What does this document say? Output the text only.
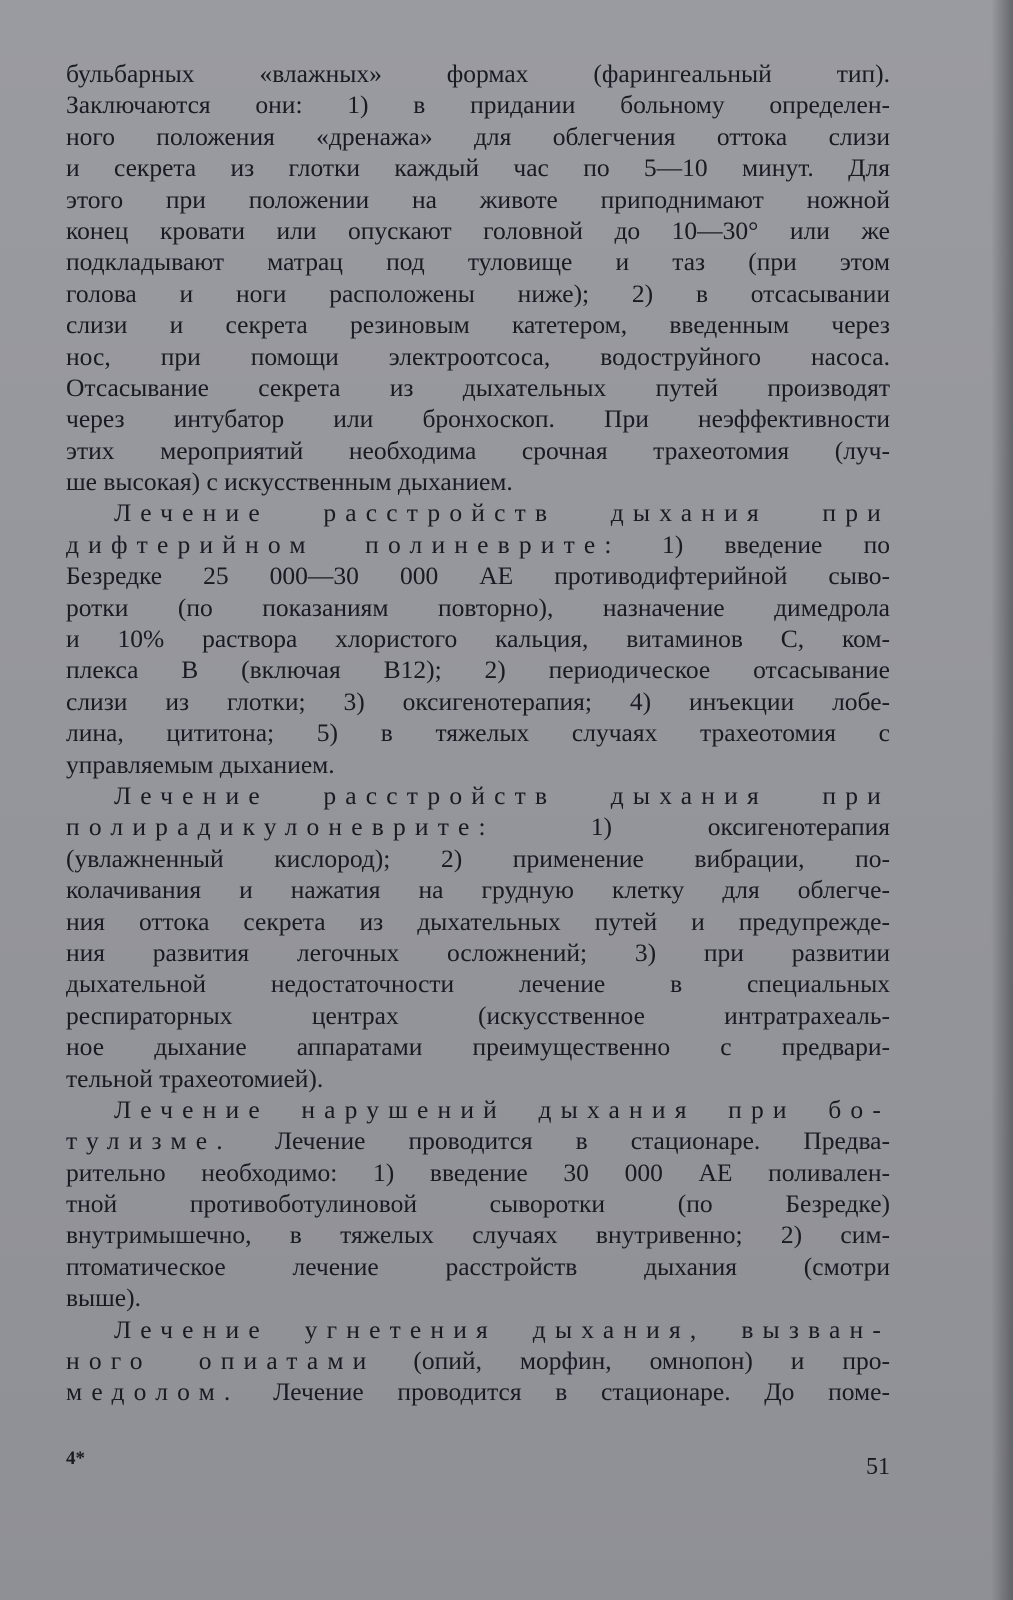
бульбарных «влажных» формах (фарингеальный тип).
Заключаются они: 1) в придании больному определен-
ного положения «дренажа» для облегчения оттока слизи
и секрета из глотки каждый час по 5—10 минут. Для
этого при положении на животе приподнимают ножной
конец кровати или опускают головной до 10—30° или же
подкладывают матрац под туловище и таз (при этом
голова и ноги расположены ниже); 2) в отсасывании
слизи и секрета резиновым катетером, введенным через
нос, при помощи электроотсоса, водоструйного насоса.
Отсасывание секрета из дыхательных путей производят
через интубатор или бронхоскоп. При неэффективности
этих мероприятий необходима срочная трахеотомия (луч-
ше высокая) с искусственным дыханием.
Лечение расстройств дыхания при
дифтерийном полиневрите: 1) введение по
Безредке 25 000—30 000 АЕ противодифтерийной сыво-
ротки (по показаниям повторно), назначение димедрола
и 10% раствора хлористого кальция, витаминов С, ком-
плекса В (включая В12); 2) периодическое отсасывание
слизи из глотки; 3) оксигенотерапия; 4) инъекции лобе-
лина, цититона; 5) в тяжелых случаях трахеотомия с
управляемым дыханием.
Лечение расстройств дыхания при
полирадикулоневрите: 1) оксигенотерапия
(увлажненный кислород); 2) применение вибрации, по-
колачивания и нажатия на грудную клетку для облегче-
ния оттока секрета из дыхательных путей и предупрежде-
ния развития легочных осложнений; 3) при развитии
дыхательной недостаточности лечение в специальных
респираторных центрах (искусственное интратрахеаль-
ное дыхание аппаратами преимущественно с предвари-
тельной трахеотомией).
Лечение нарушений дыхания при бо-
тулизме. Лечение проводится в стационаре. Предва-
рительно необходимо: 1) введение 30 000 АЕ поливален-
тной противоботулиновой сыворотки (по Безредке)
внутримышечно, в тяжелых случаях внутривенно; 2) сим-
птоматическое лечение расстройств дыхания (смотри
выше).
Лечение угнетения дыхания, вызван-
ного опиатами (опий, морфин, омнопон) и про-
медолом. Лечение проводится в стационаре. До поме-
4*	51
